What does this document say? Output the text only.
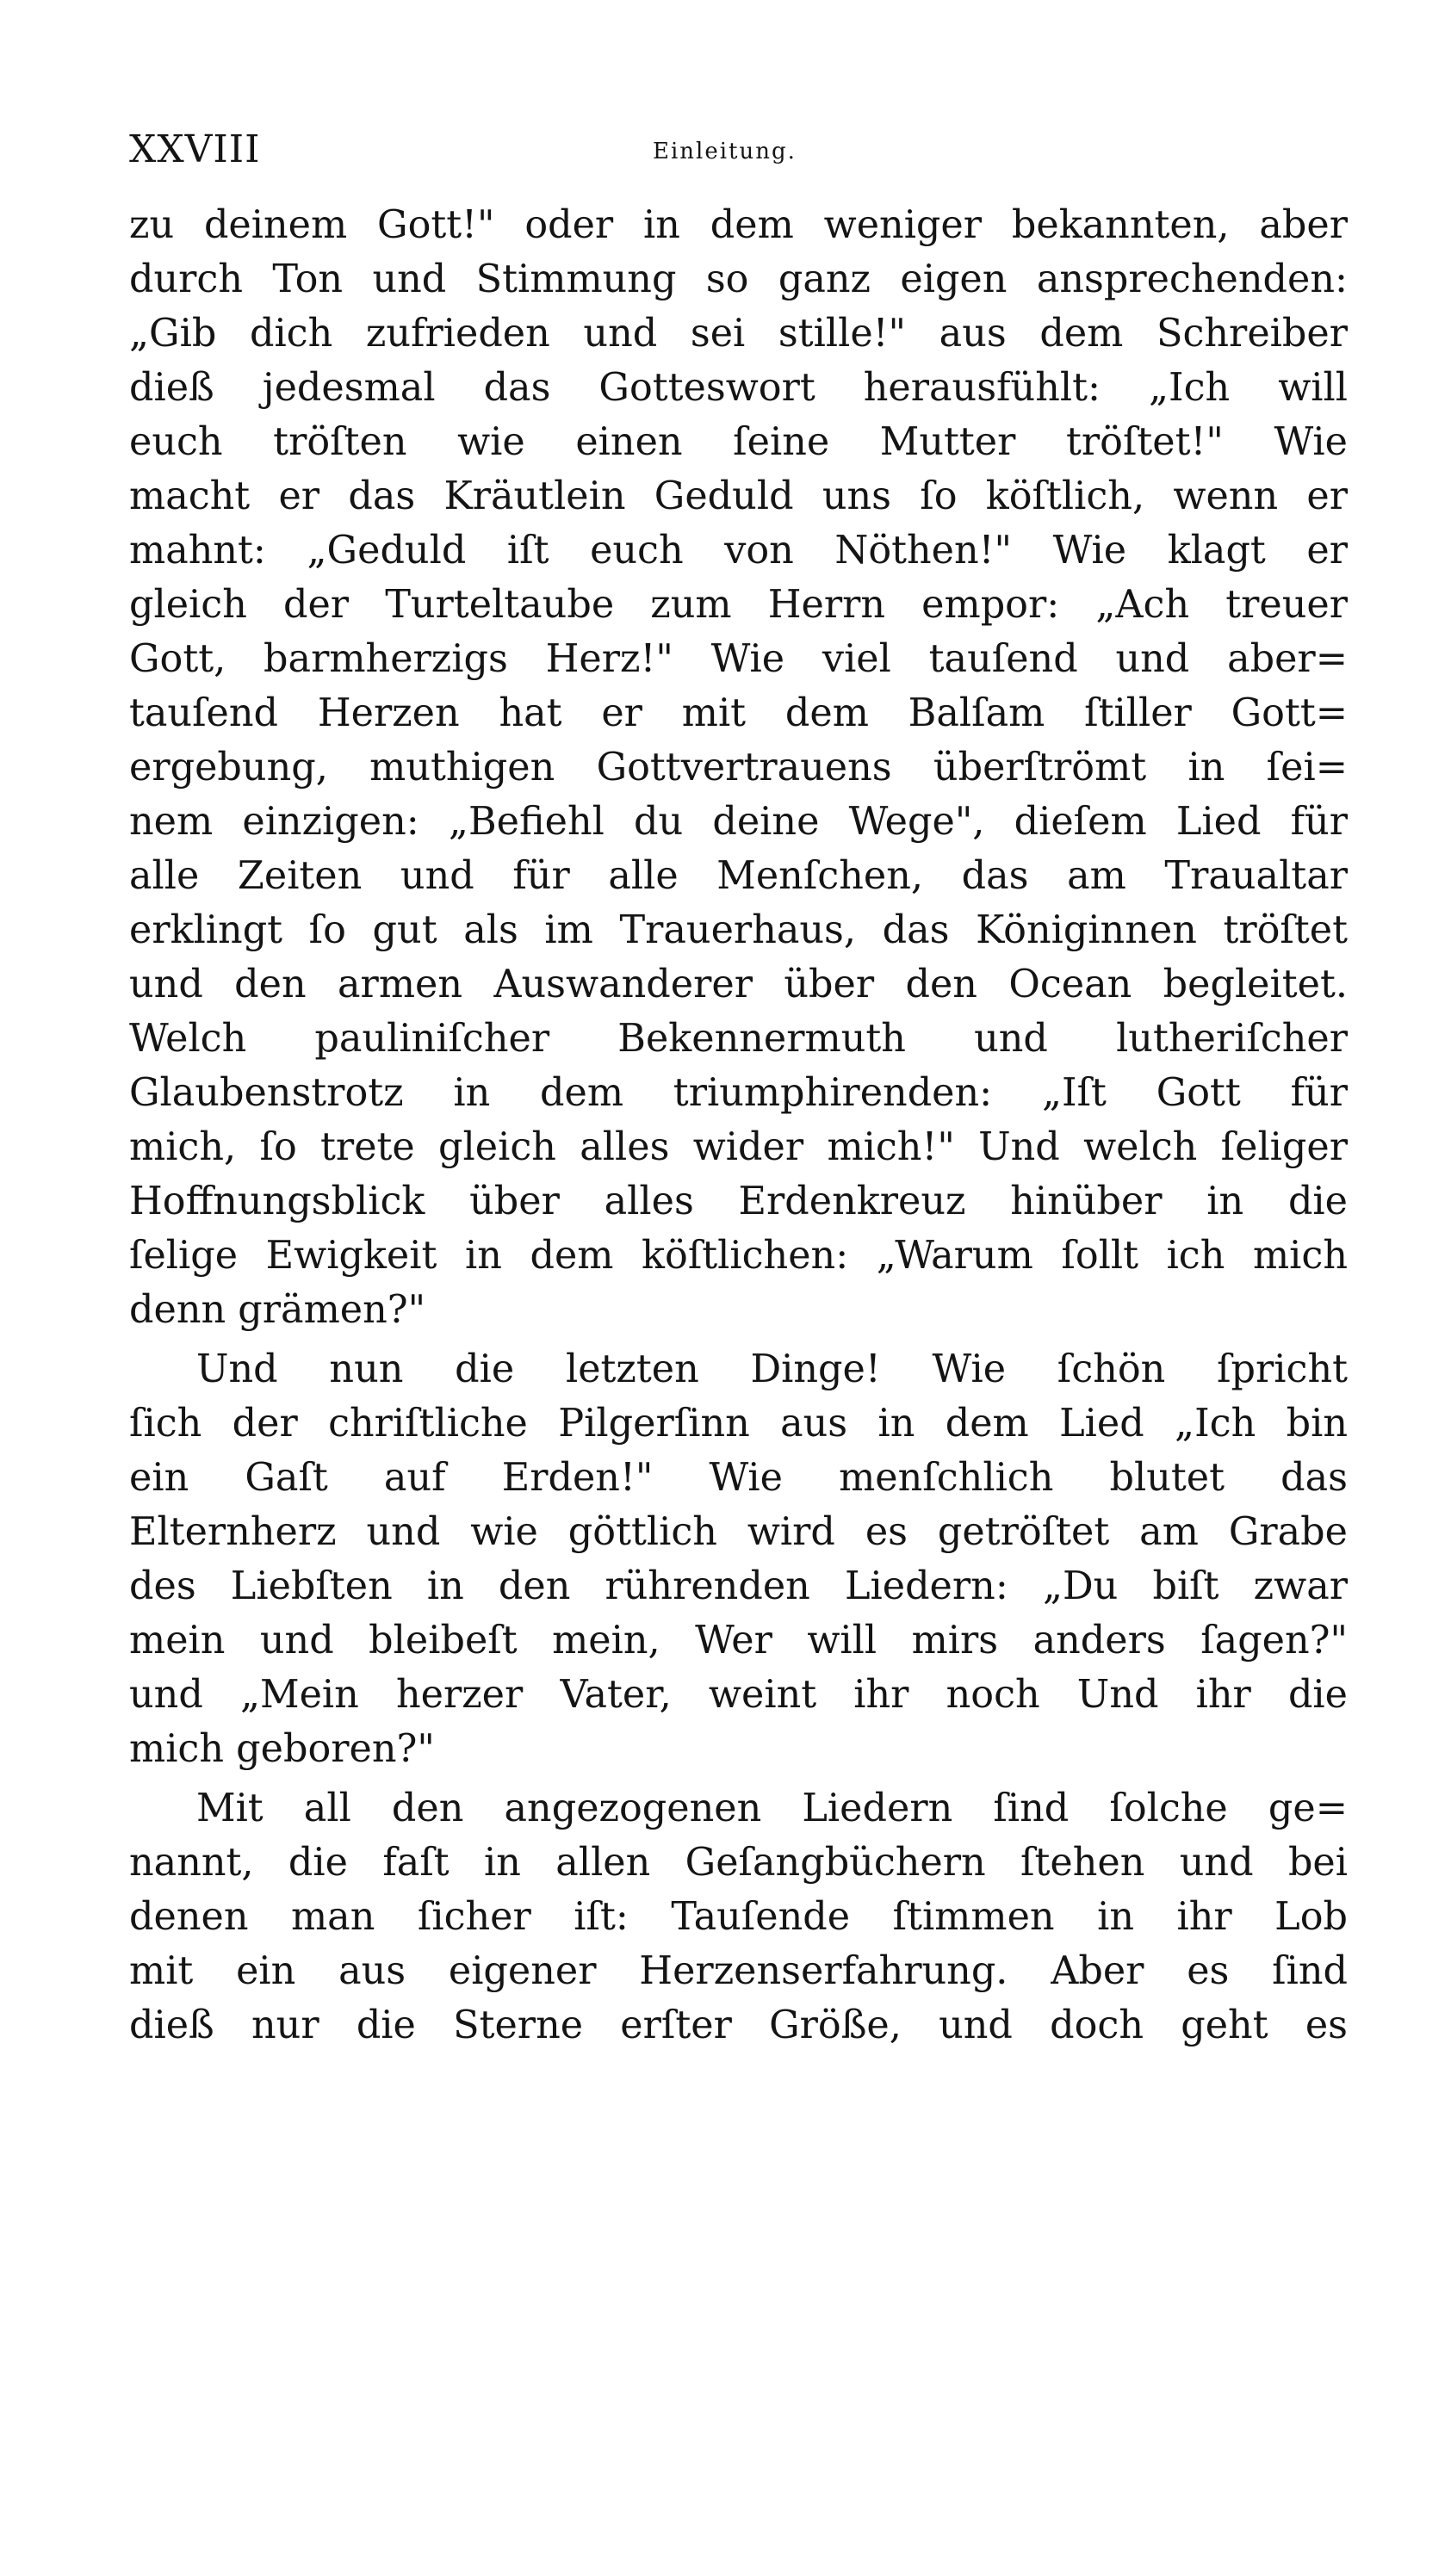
XXVIII	Einleitung.
zu deinem Gott!" oder in dem weniger bekannten, aber
durch Ton und Stimmung so ganz eigen ansprechenden:
„Gib dich zufrieden und sei stille!" aus dem Schreiber
dieß jedesmal das Gotteswort herausfühlt: „Ich will
euch tröſten wie einen ſeine Mutter tröſtet!" Wie
macht er das Kräutlein Geduld uns ſo köſtlich, wenn er
mahnt: „Geduld iſt euch von Nöthen!" Wie klagt er
gleich der Turteltaube zum Herrn empor: „Ach treuer
Gott, barmherzigs Herz!" Wie viel tauſend und aber=
tauſend Herzen hat er mit dem Balſam ſtiller Gott=
ergebung, muthigen Gottvertrauens überſtrömt in ſei=
nem einzigen: „Befiehl du deine Wege", dieſem Lied für
alle Zeiten und für alle Menſchen, das am Traualtar
erklingt ſo gut als im Trauerhaus, das Königinnen tröſtet
und den armen Auswanderer über den Ocean begleitet.
Welch pauliniſcher Bekennermuth und lutheriſcher
Glaubenstrotz in dem triumphirenden: „Iſt Gott für
mich, ſo trete gleich alles wider mich!" Und welch ſeliger
Hoffnungsblick über alles Erdenkreuz hinüber in die
ſelige Ewigkeit in dem köſtlichen: „Warum ſollt ich mich
denn grämen?"
Und nun die letzten Dinge! Wie ſchön ſpricht
ſich der chriſtliche Pilgerſinn aus in dem Lied „Ich bin
ein Gaſt auf Erden!" Wie menſchlich blutet das
Elternherz und wie göttlich wird es getröſtet am Grabe
des Liebſten in den rührenden Liedern: „Du biſt zwar
mein und bleibeſt mein, Wer will mirs anders ſagen?"
und „Mein herzer Vater, weint ihr noch Und ihr die
mich geboren?"
Mit all den angezogenen Liedern ſind ſolche ge=
nannt, die faſt in allen Geſangbüchern ſtehen und bei
denen man ſicher iſt: Tauſende ſtimmen in ihr Lob
mit ein aus eigener Herzenserfahrung. Aber es ſind
dieß nur die Sterne erſter Größe, und doch geht es
